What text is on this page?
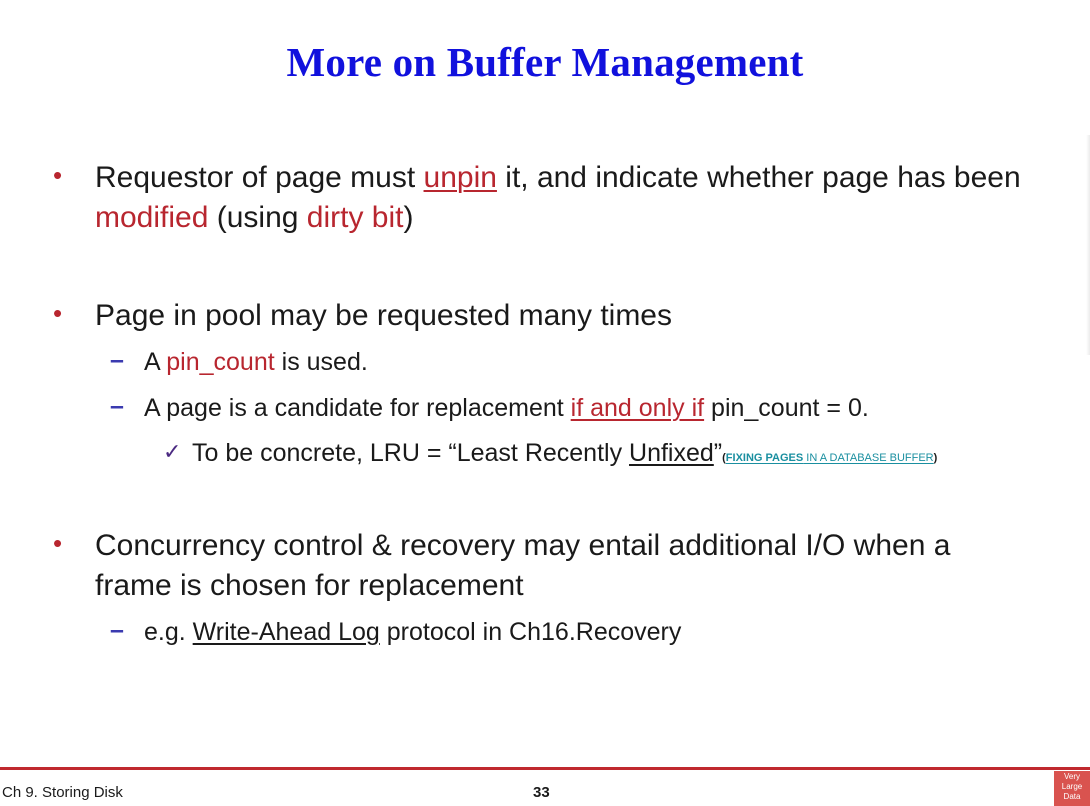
More on Buffer Management
• Requestor of page must unpin it, and indicate whether page has been
modified (using dirty bit)
• Page in pool may be requested many times
– A pin_count is used.
– A page is a candidate for replacement if and only if pin_count = 0.
✓ To be concrete, LRU = “Least Recently Unfixed”(FIXING PAGES IN A DATABASE BUFFER)
• Concurrency control & recovery may entail additional I/O when a
frame is chosen for replacement
– e.g. Write-Ahead Log protocol in Ch16.Recovery
Ch 9. Storing Disk	33
Very
Large
Data
